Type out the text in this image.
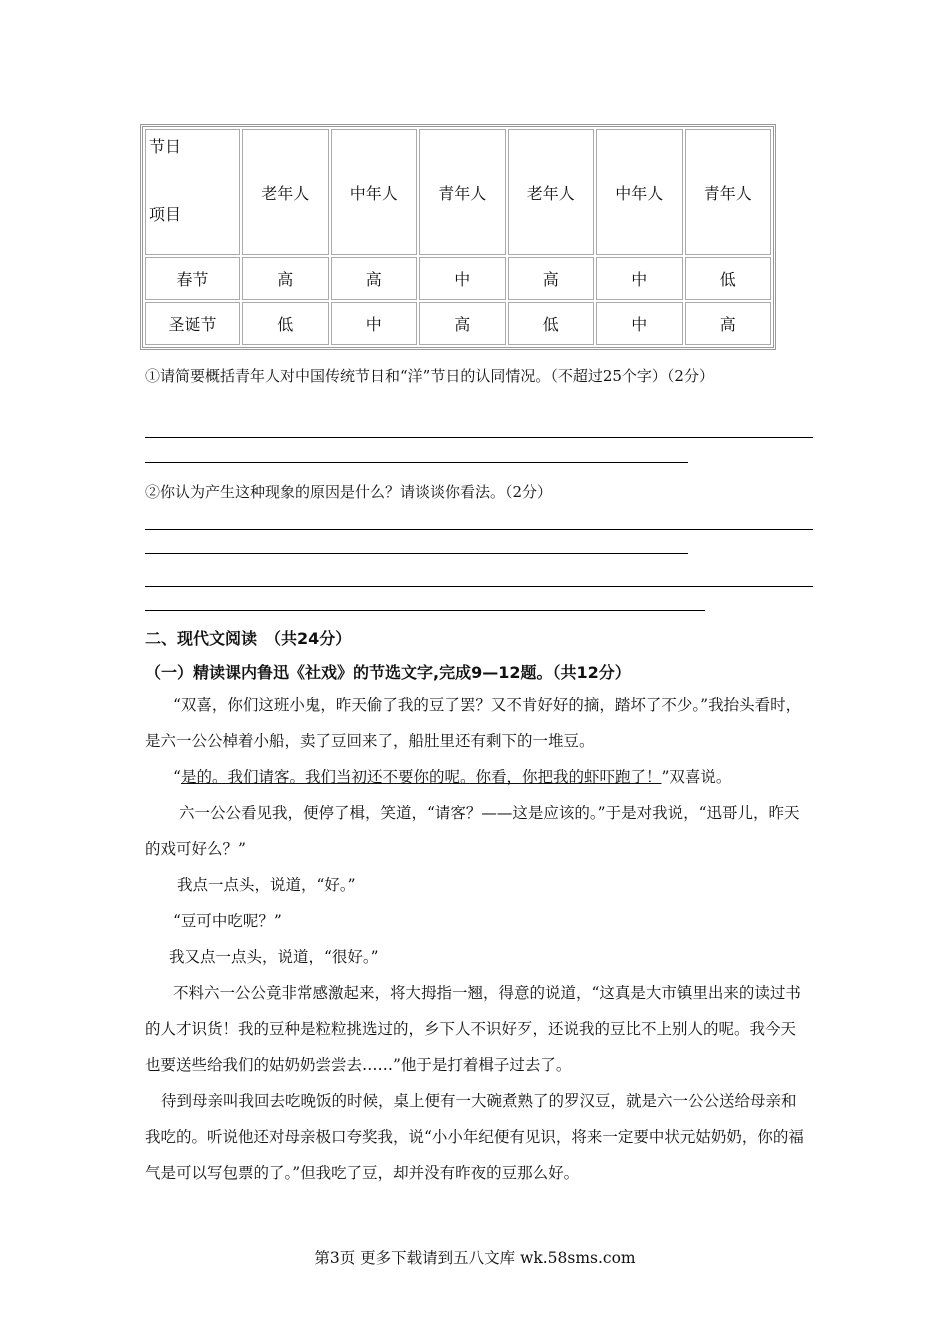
节日
项目	老年人	中年人	青年人	老年人	中年人	青年人
春节	高	高	中	高	中	低
圣诞节	低	中	高	低	中	高
①请简要概括青年人对中国传统节日和“洋”节日的认同情况。（不超过25个字）（2分）
②你认为产生这种现象的原因是什么？请谈谈你看法。（2分）
二、现代文阅读　（共24分）
（一）精读课内鲁迅《社戏》的节选文字,完成9—12题。（共12分）

“双喜，你们这班小鬼，昨天偷了我的豆了罢？又不肯好好的摘，踏坏了不少。”我抬头看时，是六一公公棹着小船，卖了豆回来了，船肚里还有剩下的一堆豆。

“是的。我们请客。我们当初还不要你的呢。你看，你把我的虾吓跑了！”双喜说。

六一公公看见我，便停了楫，笑道，“请客？——这是应该的。”于是对我说，“迅哥儿，昨天的戏可好么？”

我点一点头，说道，“好。”

“豆可中吃呢？”

我又点一点头，说道，“很好。”

不料六一公公竟非常感激起来，将大拇指一翘，得意的说道，“这真是大市镇里出来的读过书的人才识货！我的豆种是粒粒挑选过的，乡下人不识好歹，还说我的豆比不上别人的呢。我今天也要送些给我们的姑奶奶尝尝去……”他于是打着楫子过去了。

待到母亲叫我回去吃晚饭的时候，桌上便有一大碗煮熟了的罗汉豆，就是六一公公送给母亲和我吃的。听说他还对母亲极口夸奖我，说“小小年纪便有见识，将来一定要中状元姑奶奶，你的福气是可以写包票的了。”但我吃了豆，却并没有昨夜的豆那么好。

第3页 更多下载请到五八文库 wk.58sms.com
